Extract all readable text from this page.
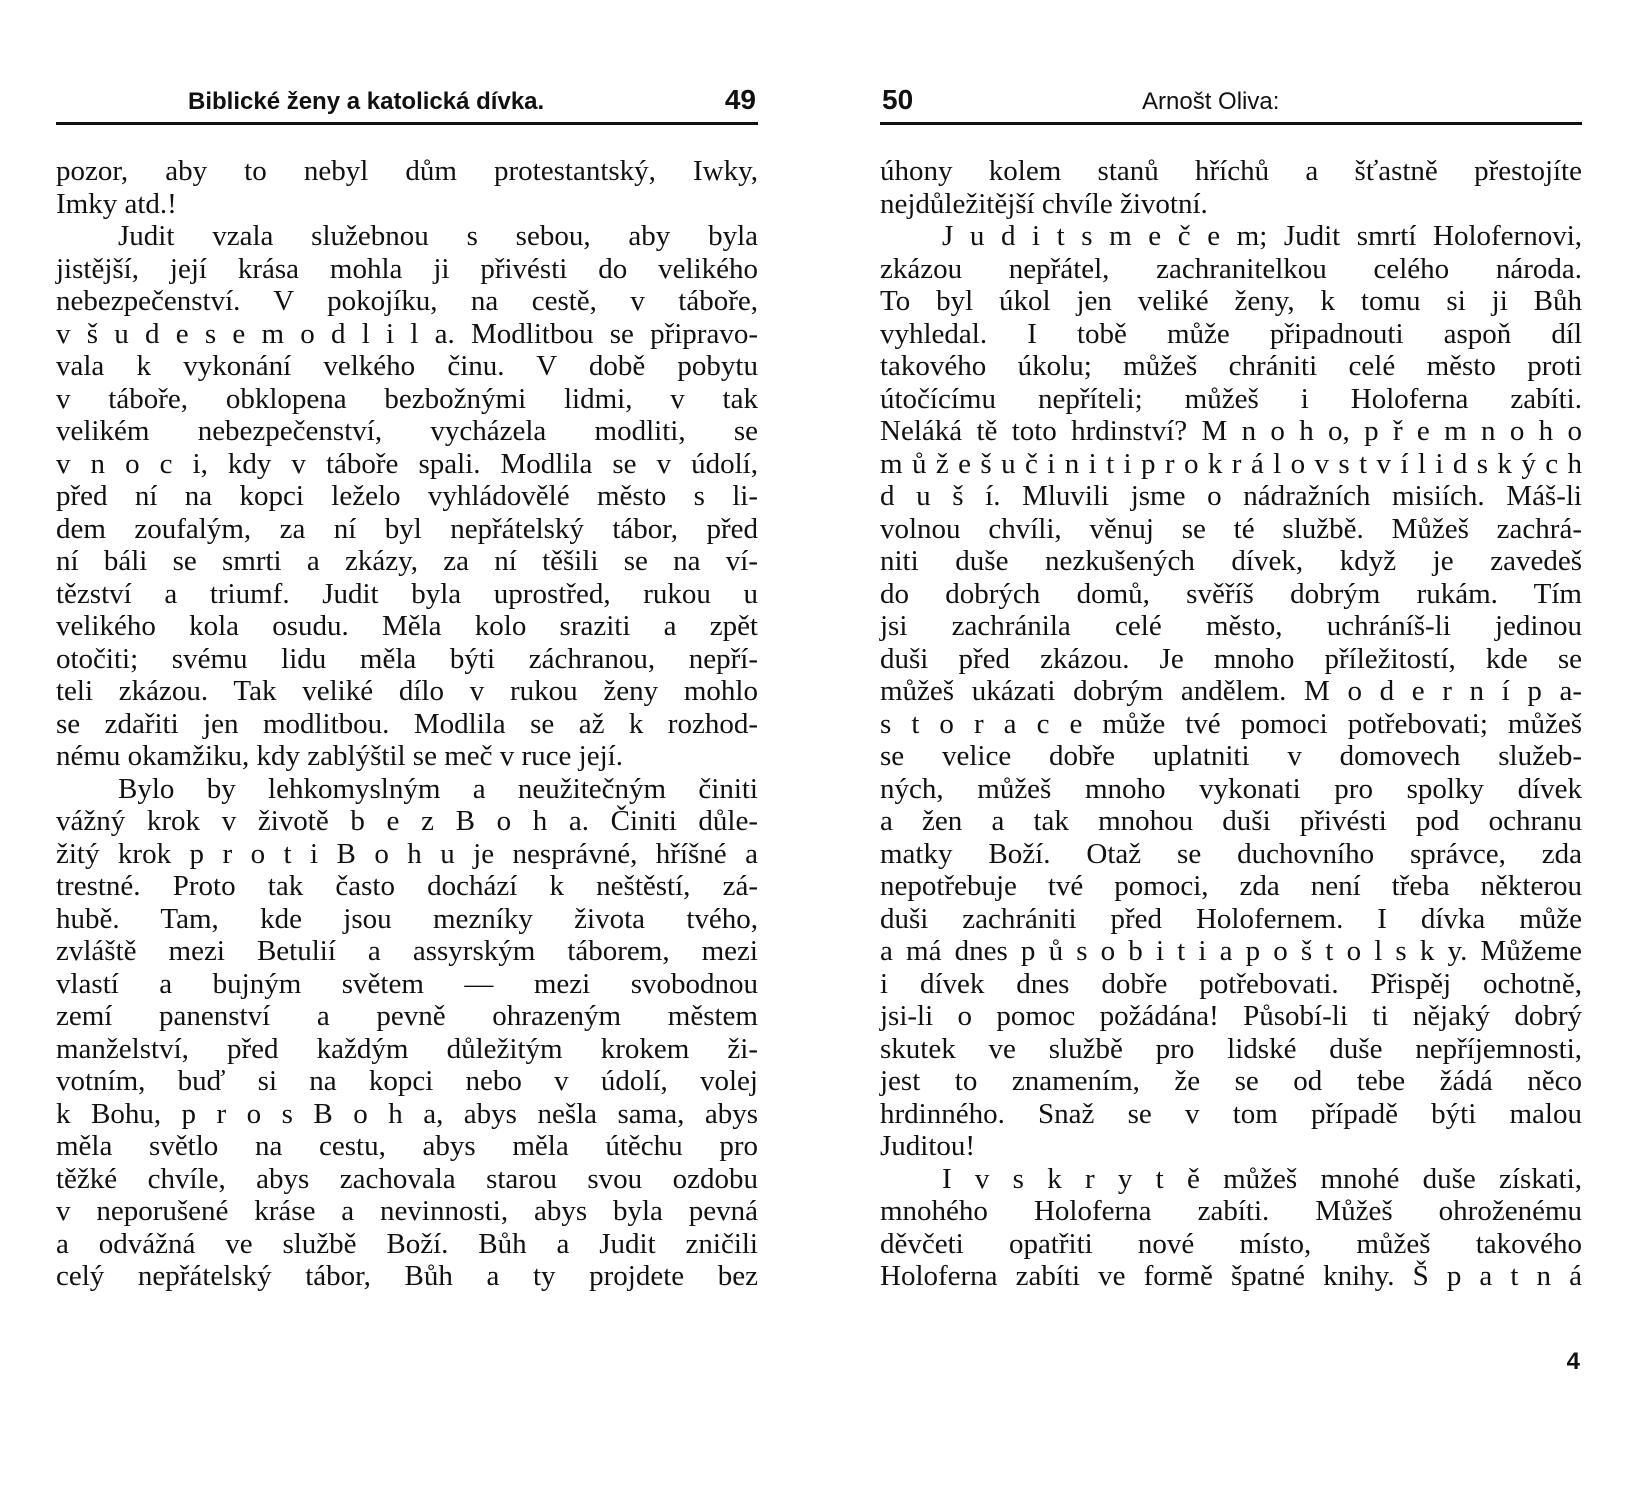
Biblické ženy a katolická dívka.	49
pozor, aby to nebyl dům protestantský, Iwky,
Imky atd.!
Judit vzala služebnou s sebou, aby byla
jistější, její krása mohla ji přivésti do velikého
nebezpečenství. V pokojíku, na cestě, v táboře,
v š u d e s e m o d l i l a. Modlitbou se připravo-
vala k vykonání velkého činu. V době pobytu
v táboře, obklopena bezbožnými lidmi, v tak
velikém nebezpečenství, vycházela modliti, se
v n o c i, kdy v táboře spali. Modlila se v údolí,
před ní na kopci leželo vyhládovělé město s li-
dem zoufalým, za ní byl nepřátelský tábor, před
ní báli se smrti a zkázy, za ní těšili se na ví-
tězství a triumf. Judit byla uprostřed, rukou u
velikého kola osudu. Měla kolo sraziti a zpět
otočiti; svému lidu měla býti záchranou, nepří-
teli zkázou. Tak veliké dílo v rukou ženy mohlo
se zdařiti jen modlitbou. Modlila se až k rozhod-
nému okamžiku, kdy zablýštil se meč v ruce její.
Bylo by lehkomyslným a neužitečným činiti
vážný krok v životě b e z B o h a. Činiti důle-
žitý krok p r o t i B o h u je nesprávné, hříšné a
trestné. Proto tak často dochází k neštěstí, zá-
hubě. Tam, kde jsou mezníky života tvého,
zvláště mezi Betulií a assyrským táborem, mezi
vlastí a bujným světem — mezi svobodnou
zemí panenství a pevně ohrazeným městem
manželství, před každým důležitým krokem ži-
votním, buď si na kopci nebo v údolí, volej
k Bohu, p r o s B o h a, abys nešla sama, abys
měla světlo na cestu, abys měla útěchu pro
těžké chvíle, abys zachovala starou svou ozdobu
v neporušené kráse a nevinnosti, abys byla pevná
a odvážná ve službě Boží. Bůh a Judit zničili
celý nepřátelský tábor, Bůh a ty projdete bez
50	Arnošt Oliva:
úhony kolem stanů hříchů a šťastně přestojíte
nejdůležitější chvíle životní.
J u d i t s m e č e m; Judit smrtí Holofernovi,
zkázou nepřátel, zachranitelkou celého národa.
To byl úkol jen veliké ženy, k tomu si ji Bůh
vyhledal. I tobě může připadnouti aspoň díl
takového úkolu; můžeš chrániti celé město proti
útočícímu nepříteli; můžeš i Holoferna zabíti.
Neláká tě toto hrdinství? M n o h o, p ř e m n o h o
m ů ž e š u č i n i t i p r o k r á l o v s t v í l i d s k ý c h
d u š í. Mluvili jsme o nádražních misiích. Máš-li
volnou chvíli, věnuj se té službě. Můžeš zachrá-
niti duše nezkušených dívek, když je zavedeš
do dobrých domů, svěříš dobrým rukám. Tím
jsi zachránila celé město, uchráníš-li jedinou
duši před zkázou. Je mnoho příležitostí, kde se
můžeš ukázati dobrým andělem. M o d e r n í p a-
s t o r a c e může tvé pomoci potřebovati; můžeš
se velice dobře uplatniti v domovech služeb-
ných, můžeš mnoho vykonati pro spolky dívek
a žen a tak mnohou duši přivésti pod ochranu
matky Boží. Otaž se duchovního správce, zda
nepotřebuje tvé pomoci, zda není třeba některou
duši zachrániti před Holofernem. I dívka může
a má dnes p ů s o b i t i a p o š t o l s k y. Můžeme
i dívek dnes dobře potřebovati. Přispěj ochotně,
jsi-li o pomoc požádána! Působí-li ti nějaký dobrý
skutek ve službě pro lidské duše nepříjemnosti,
jest to znamením, že se od tebe žádá něco
hrdinného. Snaž se v tom případě býti malou
Juditou!
I v s k r y t ě můžeš mnohé duše získati,
mnohého Holoferna zabíti. Můžeš ohroženému
děvčeti opatřiti nové místo, můžeš takového
Holoferna zabíti ve formě špatné knihy. Š p a t n á
4
